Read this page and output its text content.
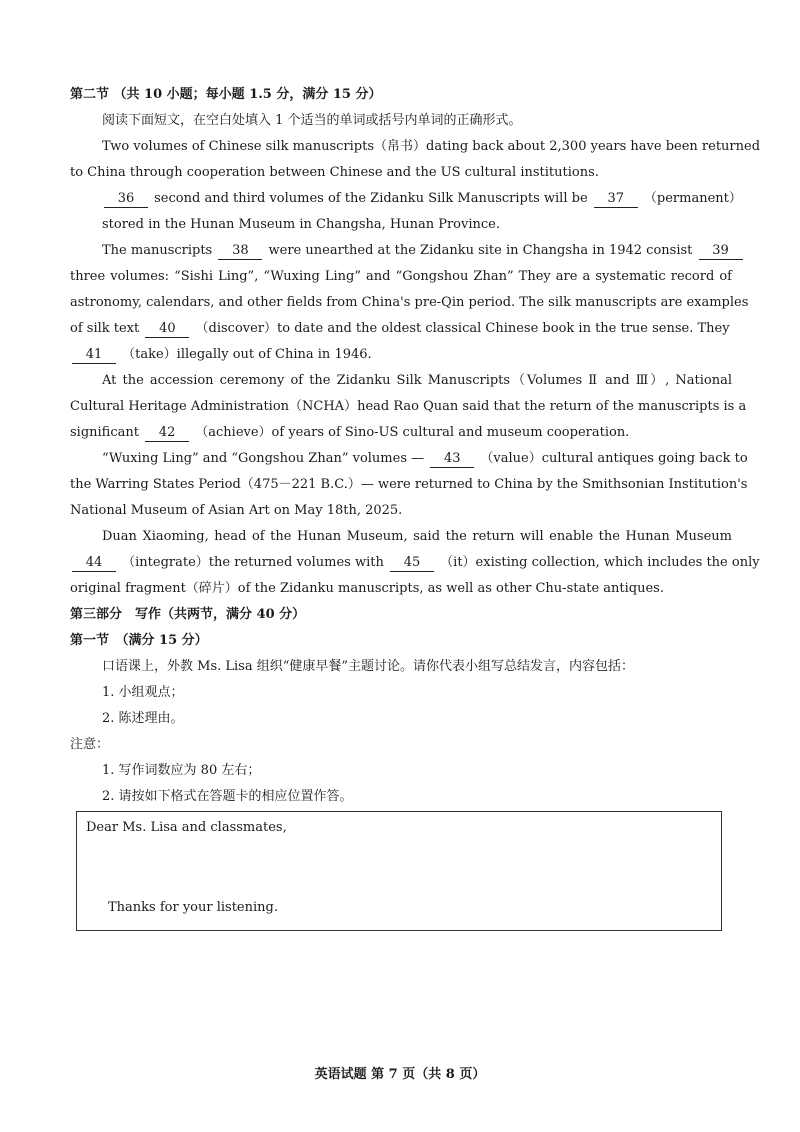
第二节 （共 10 小题；每小题 1.5 分，满分 15 分）
阅读下面短文，在空白处填入 1 个适当的单词或括号内单词的正确形式。
Two volumes of Chinese silk manuscripts（帛书）dating back about 2,300 years have been returned
to China through cooperation between Chinese and the US cultural institutions.
36 second and third volumes of the Zidanku Silk Manuscripts will be 37 （permanent）
stored in the Hunan Museum in Changsha, Hunan Province.
The manuscripts 38 were unearthed at the Zidanku site in Changsha in 1942 consist 39
three volumes: “Sishi Ling”, “Wuxing Ling” and “Gongshou Zhan” They are a systematic record of
astronomy, calendars, and other fields from China's pre-Qin period. The silk manuscripts are examples
of silk text 40 （discover）to date and the oldest classical Chinese book in the true sense. They
41 （take）illegally out of China in 1946.
At the accession ceremony of the Zidanku Silk Manuscripts（Volumes Ⅱ and Ⅲ）, National
Cultural Heritage Administration（NCHA）head Rao Quan said that the return of the manuscripts is a
significant 42 （achieve）of years of Sino-US cultural and museum cooperation.
“Wuxing Ling” and “Gongshou Zhan” volumes — 43 （value）cultural antiques going back to
the Warring States Period（475－221 B.C.）— were returned to China by the Smithsonian Institution's
National Museum of Asian Art on May 18th, 2025.
Duan Xiaoming, head of the Hunan Museum, said the return will enable the Hunan Museum
44 （integrate）the returned volumes with 45 （it）existing collection, which includes the only
original fragment（碎片）of the Zidanku manuscripts, as well as other Chu-state antiques.
第三部分　写作（共两节，满分 40 分）
第一节　（满分 15 分）
口语课上，外教 Ms. Lisa 组织“健康早餐”主题讨论。请你代表小组写总结发言，内容包括：
1. 小组观点；
2. 陈述理由。
注意：
1. 写作词数应为 80 左右；
2. 请按如下格式在答题卡的相应位置作答。
Dear Ms. Lisa and classmates,
Thanks for your listening.
英语试题 第 7 页（共 8 页）
